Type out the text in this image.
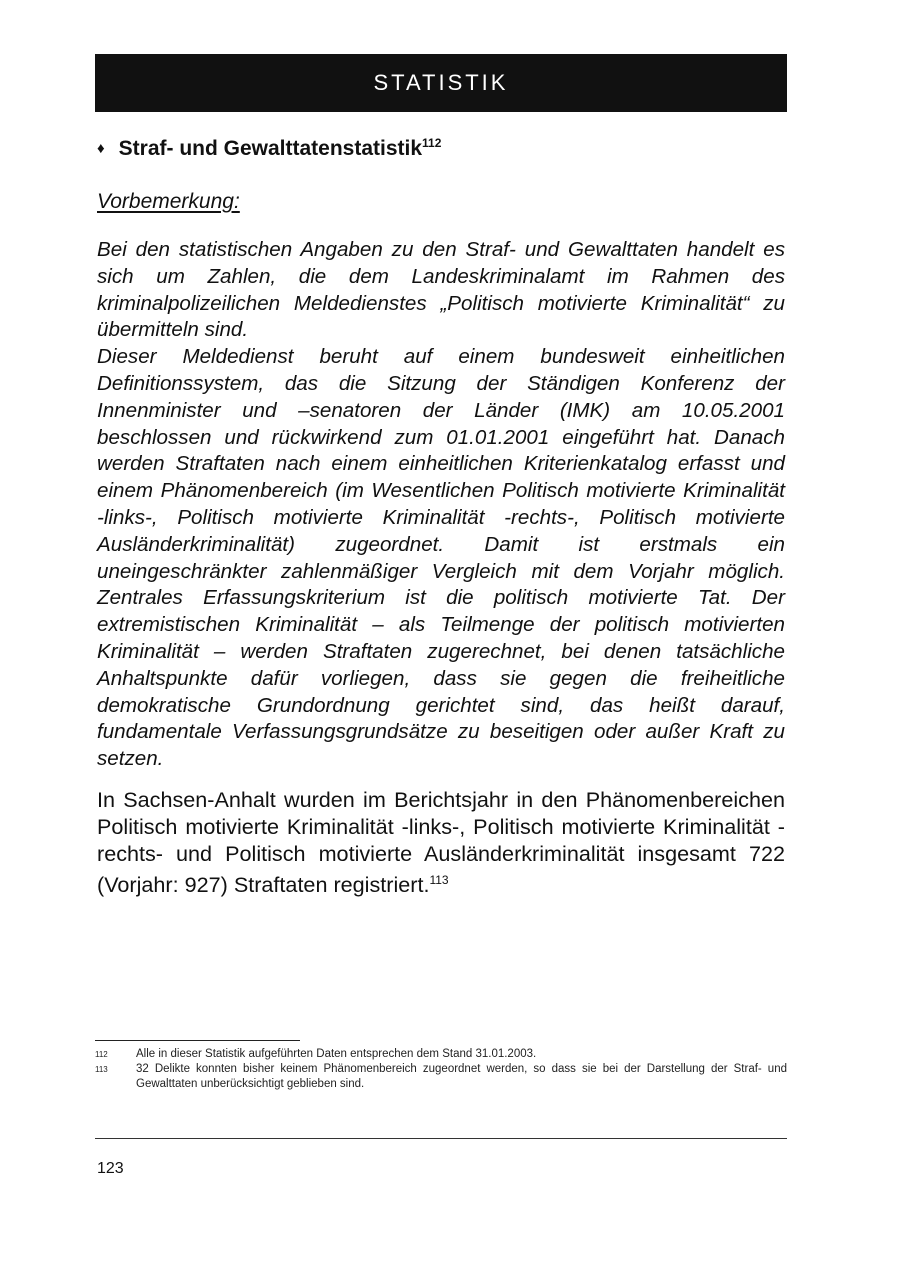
STATISTIK
♦ Straf- und Gewalttatenstatistik$^{112}$
Vorbemerkung:

Bei den statistischen Angaben zu den Straf- und Gewalttaten handelt es sich um Zahlen, die dem Landeskriminalamt im Rahmen des kriminalpolizeilichen Meldedienstes „Politisch motivierte Kriminalität“ zu übermitteln sind.

Dieser Meldedienst beruht auf einem bundesweit einheitlichen Definitionssystem, das die Sitzung der Ständigen Konferenz der Innenminister und –senatoren der Länder (IMK) am 10.05.2001 beschlossen und rückwirkend zum 01.01.2001 eingeführt hat. Danach werden Straftaten nach einem einheitlichen Kriterienkatalog erfasst und einem Phänomenbereich (im Wesentlichen Politisch motivierte Kriminalität -links-, Politisch motivierte Kriminalität -rechts-, Politisch motivierte Ausländerkriminalität) zugeordnet. Damit ist erstmals ein uneingeschränkter zahlenmäßiger Vergleich mit dem Vorjahr möglich. Zentrales Erfassungskriterium ist die politisch motivierte Tat. Der extremistischen Kriminalität – als Teilmenge der politisch motivierten Kriminalität – werden Straftaten zugerechnet, bei denen tatsächliche Anhaltspunkte dafür vorliegen, dass sie gegen die freiheitliche demokratische Grundordnung gerichtet sind, das heißt darauf, fundamentale Verfassungsgrundsätze zu beseitigen oder außer Kraft zu setzen.

In Sachsen-Anhalt wurden im Berichtsjahr in den Phänomenbereichen Politisch motivierte Kriminalität -links-, Politisch motivierte Kriminalität -rechts- und Politisch motivierte Ausländerkriminalität insgesamt 722 (Vorjahr: 927) Straftaten registriert.$^{113}$
112	Alle in dieser Statistik aufgeführten Daten entsprechen dem Stand 31.01.2003.
113	32 Delikte konnten bisher keinem Phänomenbereich zugeordnet werden, so dass sie bei der Darstellung der Straf- und Gewalttaten unberücksichtigt geblieben sind.
123
